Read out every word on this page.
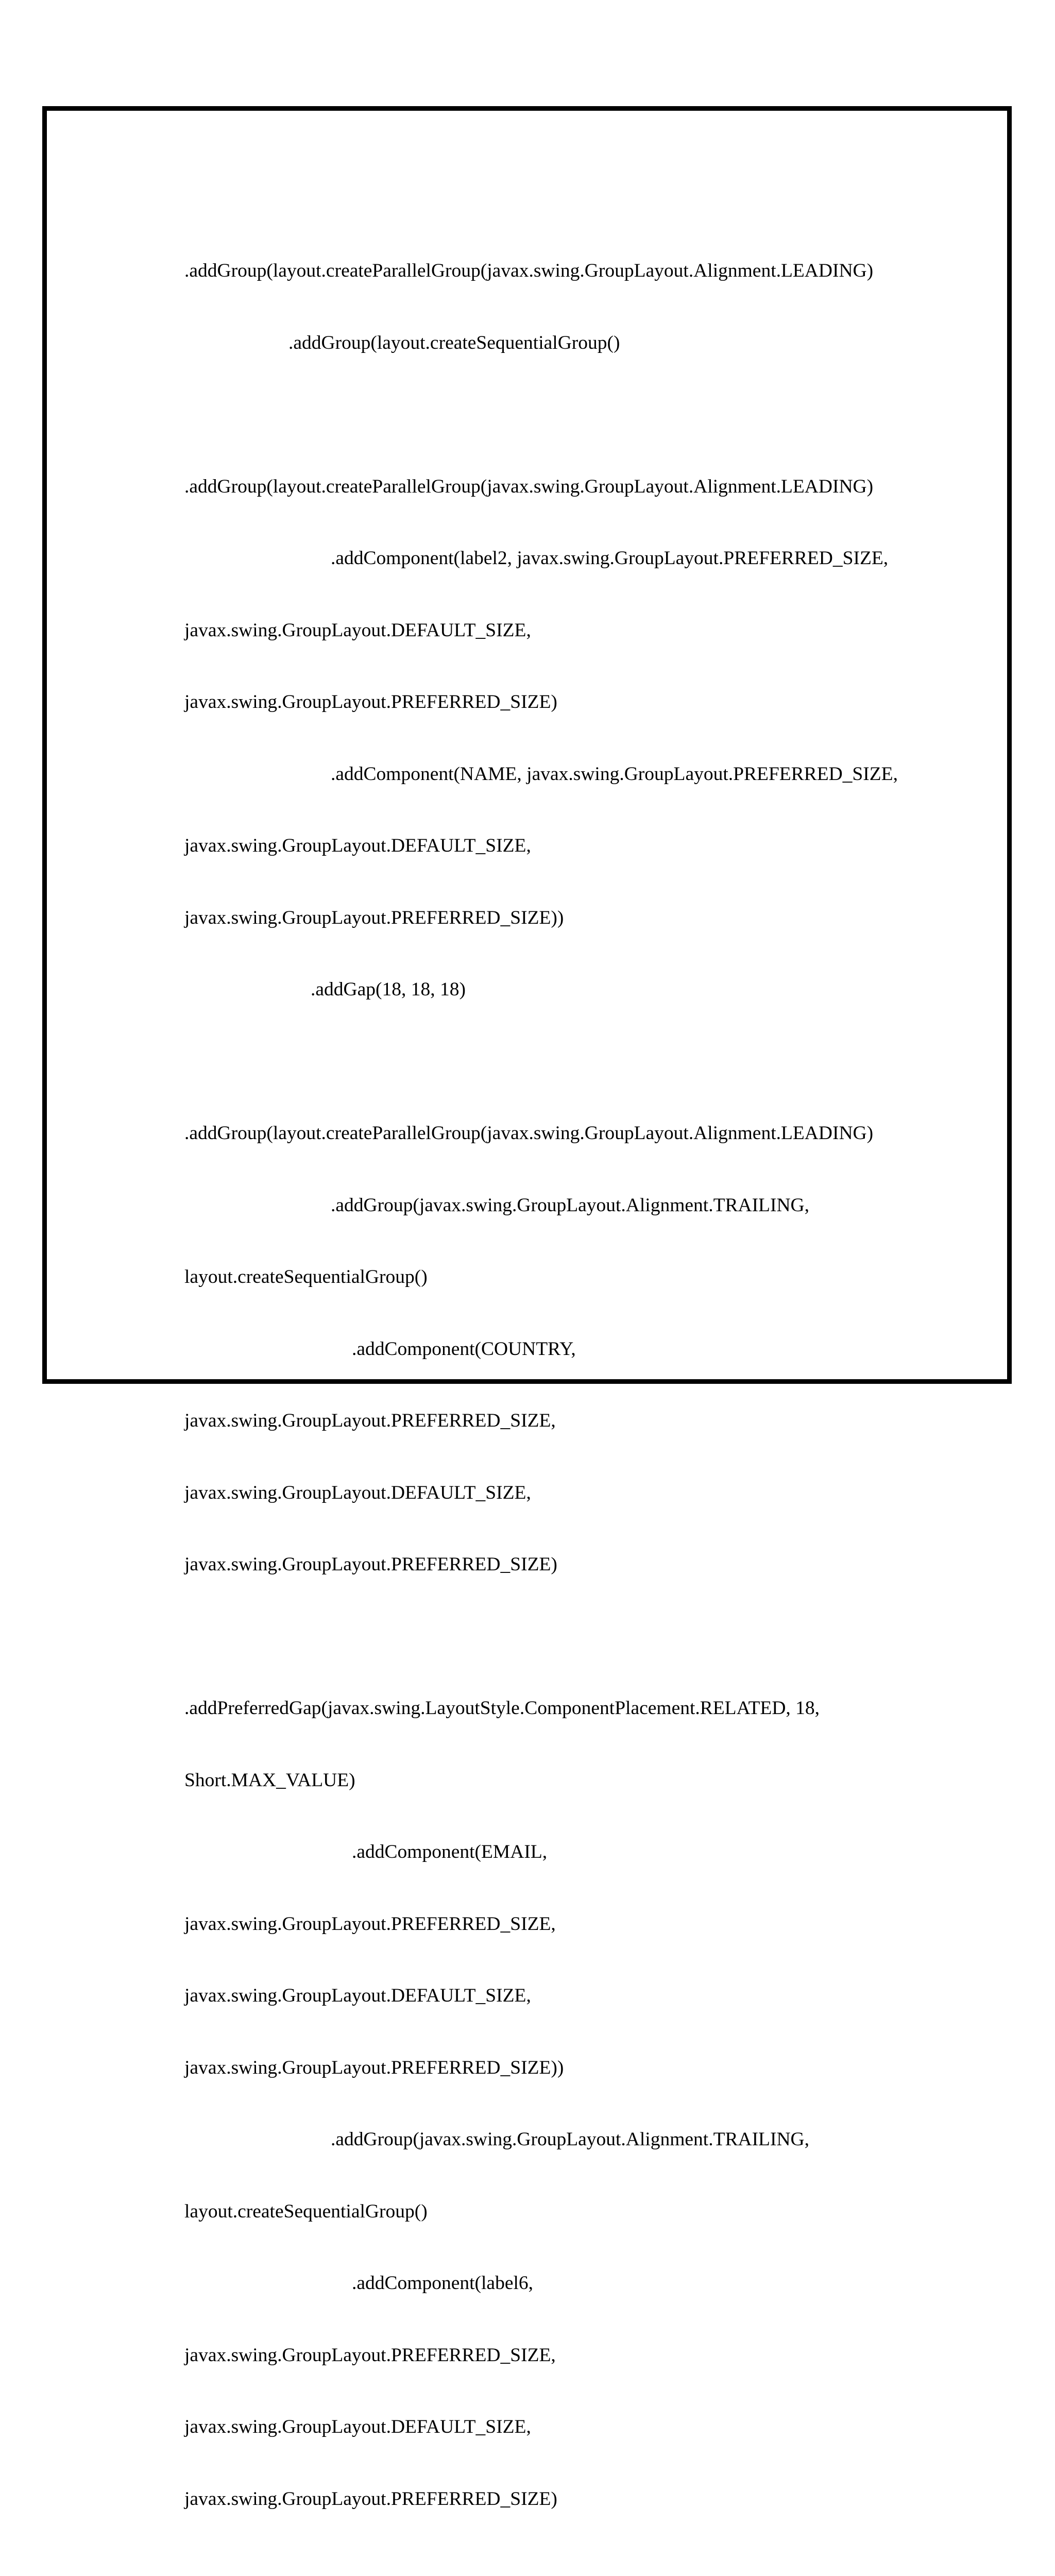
.addGroup(layout.createParallelGroup(javax.swing.GroupLayout.Alignment.LEADING)

.addGroup(layout.createSequentialGroup()

.addGroup(layout.createParallelGroup(javax.swing.GroupLayout.Alignment.LEADING)

.addComponent(label2, javax.swing.GroupLayout.PREFERRED_SIZE,

javax.swing.GroupLayout.DEFAULT_SIZE,

javax.swing.GroupLayout.PREFERRED_SIZE)

.addComponent(NAME, javax.swing.GroupLayout.PREFERRED_SIZE,

javax.swing.GroupLayout.DEFAULT_SIZE,

javax.swing.GroupLayout.PREFERRED_SIZE))

.addGap(18, 18, 18)

.addGroup(layout.createParallelGroup(javax.swing.GroupLayout.Alignment.LEADING)

.addGroup(javax.swing.GroupLayout.Alignment.TRAILING,

layout.createSequentialGroup()

.addComponent(COUNTRY,

javax.swing.GroupLayout.PREFERRED_SIZE,

javax.swing.GroupLayout.DEFAULT_SIZE,

javax.swing.GroupLayout.PREFERRED_SIZE)

.addPreferredGap(javax.swing.LayoutStyle.ComponentPlacement.RELATED, 18,

Short.MAX_VALUE)

.addComponent(EMAIL,

javax.swing.GroupLayout.PREFERRED_SIZE,

javax.swing.GroupLayout.DEFAULT_SIZE,

javax.swing.GroupLayout.PREFERRED_SIZE))

.addGroup(javax.swing.GroupLayout.Alignment.TRAILING,

layout.createSequentialGroup()

.addComponent(label6,

javax.swing.GroupLayout.PREFERRED_SIZE,

javax.swing.GroupLayout.DEFAULT_SIZE,

javax.swing.GroupLayout.PREFERRED_SIZE)
